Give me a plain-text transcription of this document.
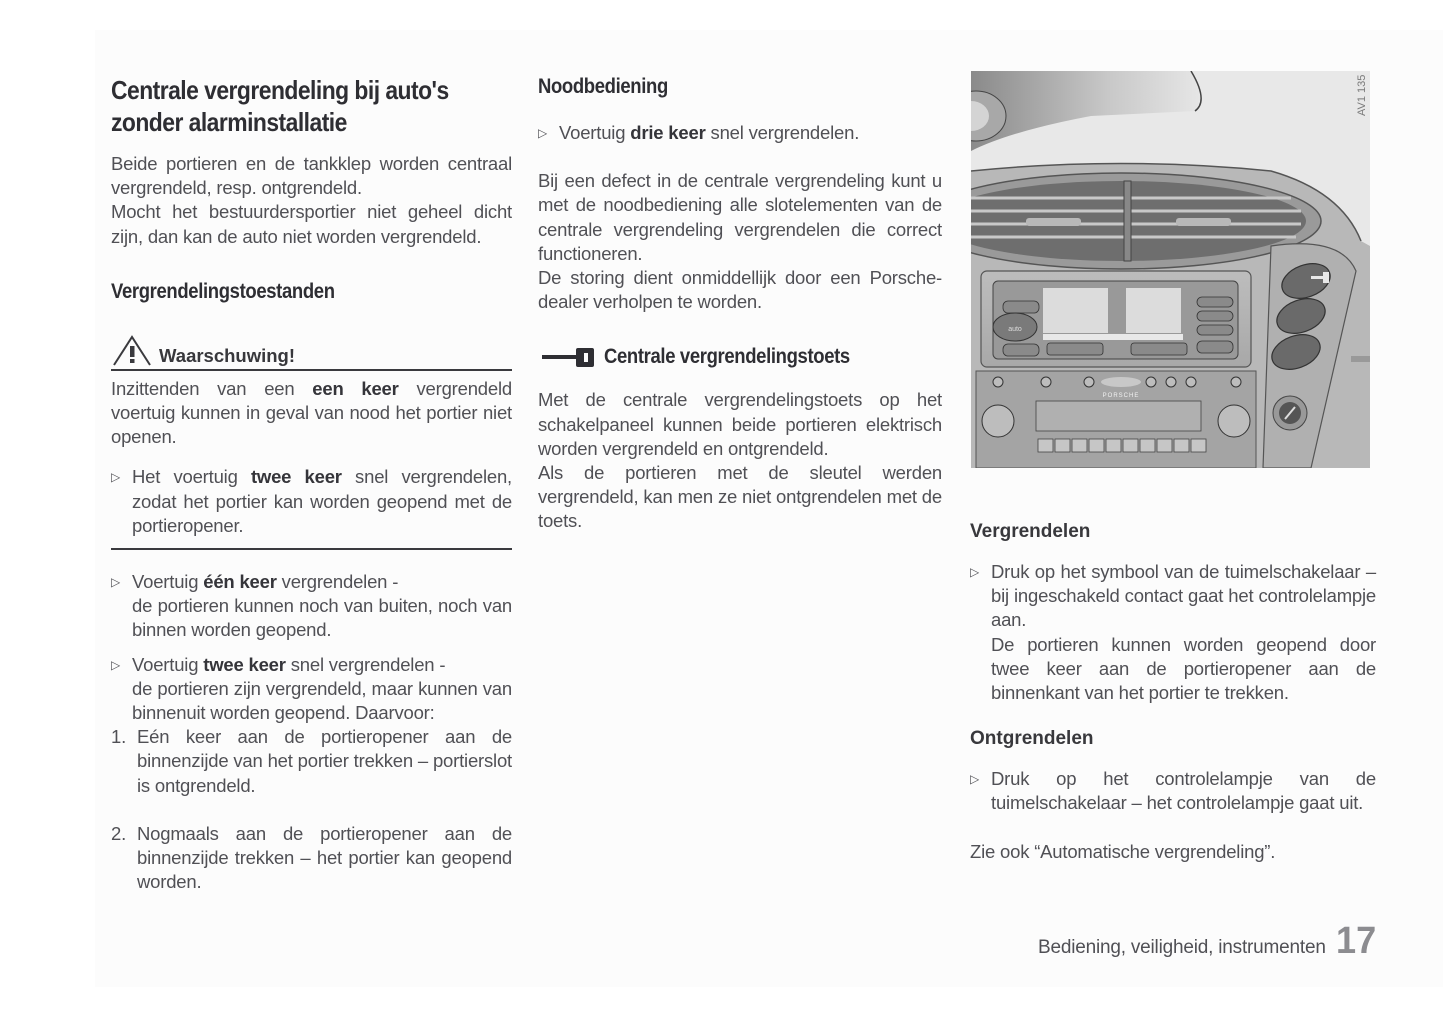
Centrale vergrendeling bij auto's
zonder alarminstallatie

Beide portieren en de tankklep worden centraal vergrendeld, resp. ontgrendeld.

Mocht het bestuurdersportier niet geheel dicht zijn, dan kan de auto niet worden vergrendeld.

Vergrendelingstoestanden
Waarschuwing!

Inzittenden van een een keer vergrendeld voertuig kunnen in geval van nood het portier niet openen.

▷ Het voertuig twee keer snel vergrendelen, zodat het portier kan worden geopend met de portieropener.
▷ Voertuig één keer vergrendelen -
de portieren kunnen noch van buiten, noch van binnen worden geopend.
▷ Voertuig twee keer snel vergrendelen -
de portieren zijn vergrendeld, maar kunnen van binnenuit worden geopend. Daarvoor:
1. Eén keer aan de portieropener aan de binnenzijde van het portier trekken – portierslot is ontgrendeld.
2. Nogmaals aan de portieropener aan de binnenzijde trekken – het portier kan geopend worden.
Noodbediening
▷ Voertuig drie keer snel vergrendelen.

Bij een defect in de centrale vergrendeling kunt u met de noodbediening alle slotelementen van de centrale vergrendeling vergrendelen die correct functioneren.

De storing dient onmiddellijk door een Porsche-dealer verholpen te worden.

Centrale vergrendelingstoets

Met de centrale vergrendelingstoets op het schakelpaneel kunnen beide portieren elektrisch worden vergrendeld en ontgrendeld.

Als de portieren met de sleutel werden vergrendeld, kan men ze niet ontgrendelen met de toets.

auto
PORSCHE
AV1 135
Vergrendelen
▷ Druk op het symbool van de tuimelschakelaar – bij ingeschakeld contact gaat het controlelampje aan.
De portieren kunnen worden geopend door twee keer aan de portieropener aan de binnenkant van het portier te trekken.
Ontgrendelen
▷ Druk op het controlelampje van de tuimelschakelaar – het controlelampje gaat uit.

Zie ook “Automatische vergrendeling”.

Bediening, veiligheid, instrumenten 17
